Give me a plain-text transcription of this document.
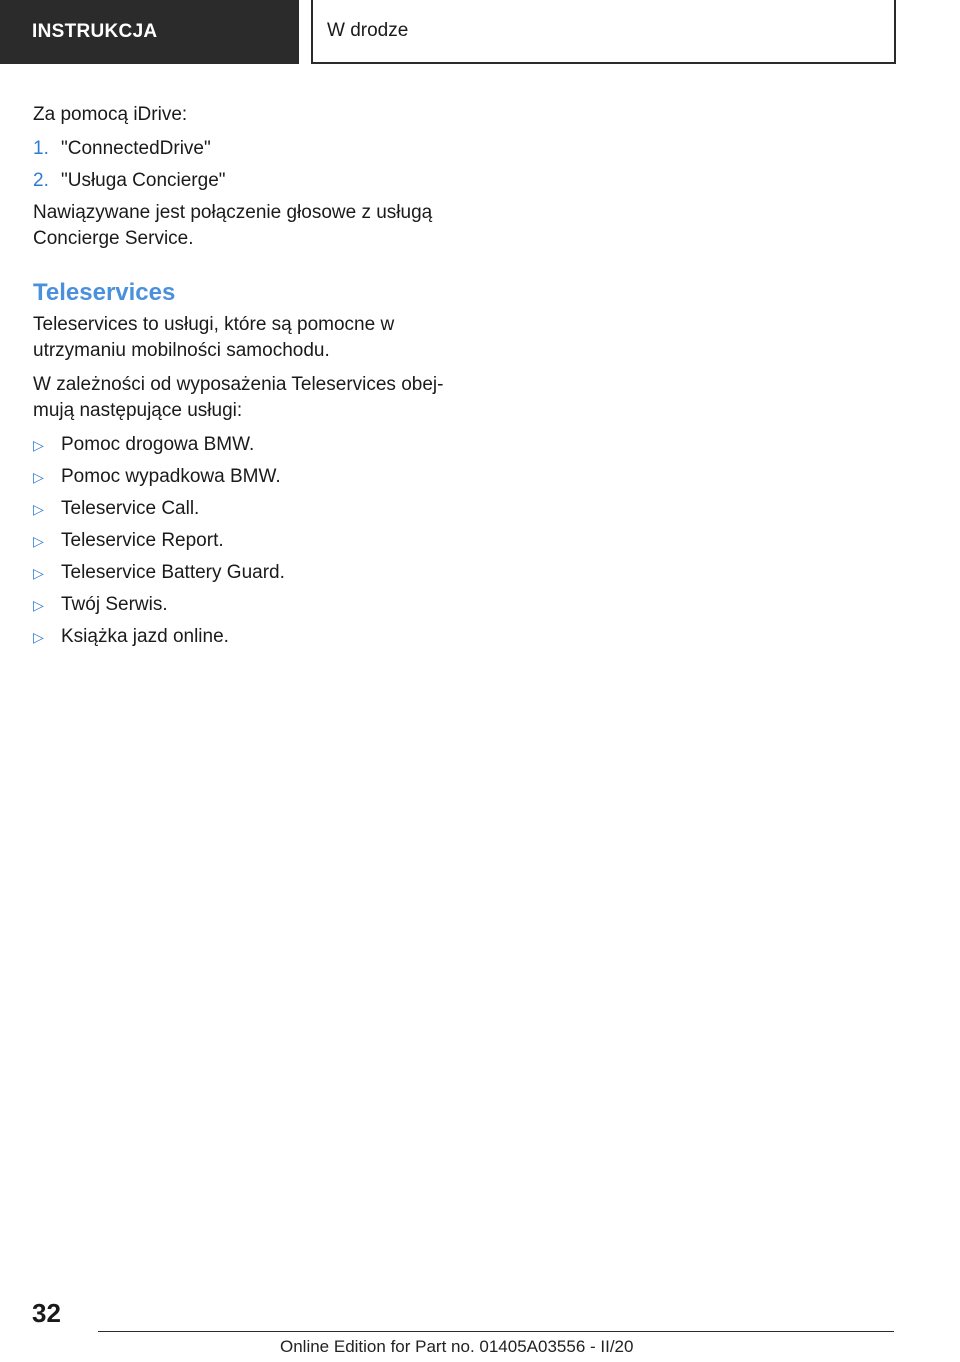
INSTRUKCJA	W drodze

Za pomocą iDrive:

1. "ConnectedDrive"
2. "Usługa Concierge"

Nawiązywane jest połączenie głosowe z usługą Concierge Service.

Teleservices

Teleservices to usługi, które są pomocne w utrzymaniu mobilności samochodu.

W zależności od wyposażenia Teleservices obejmują następujące usługi:

▷ Pomoc drogowa BMW.
▷ Pomoc wypadkowa BMW.
▷ Teleservice Call.
▷ Teleservice Report.
▷ Teleservice Battery Guard.
▷ Twój Serwis.
▷ Książka jazd online.
32
Online Edition for Part no. 01405A03556 - II/20
